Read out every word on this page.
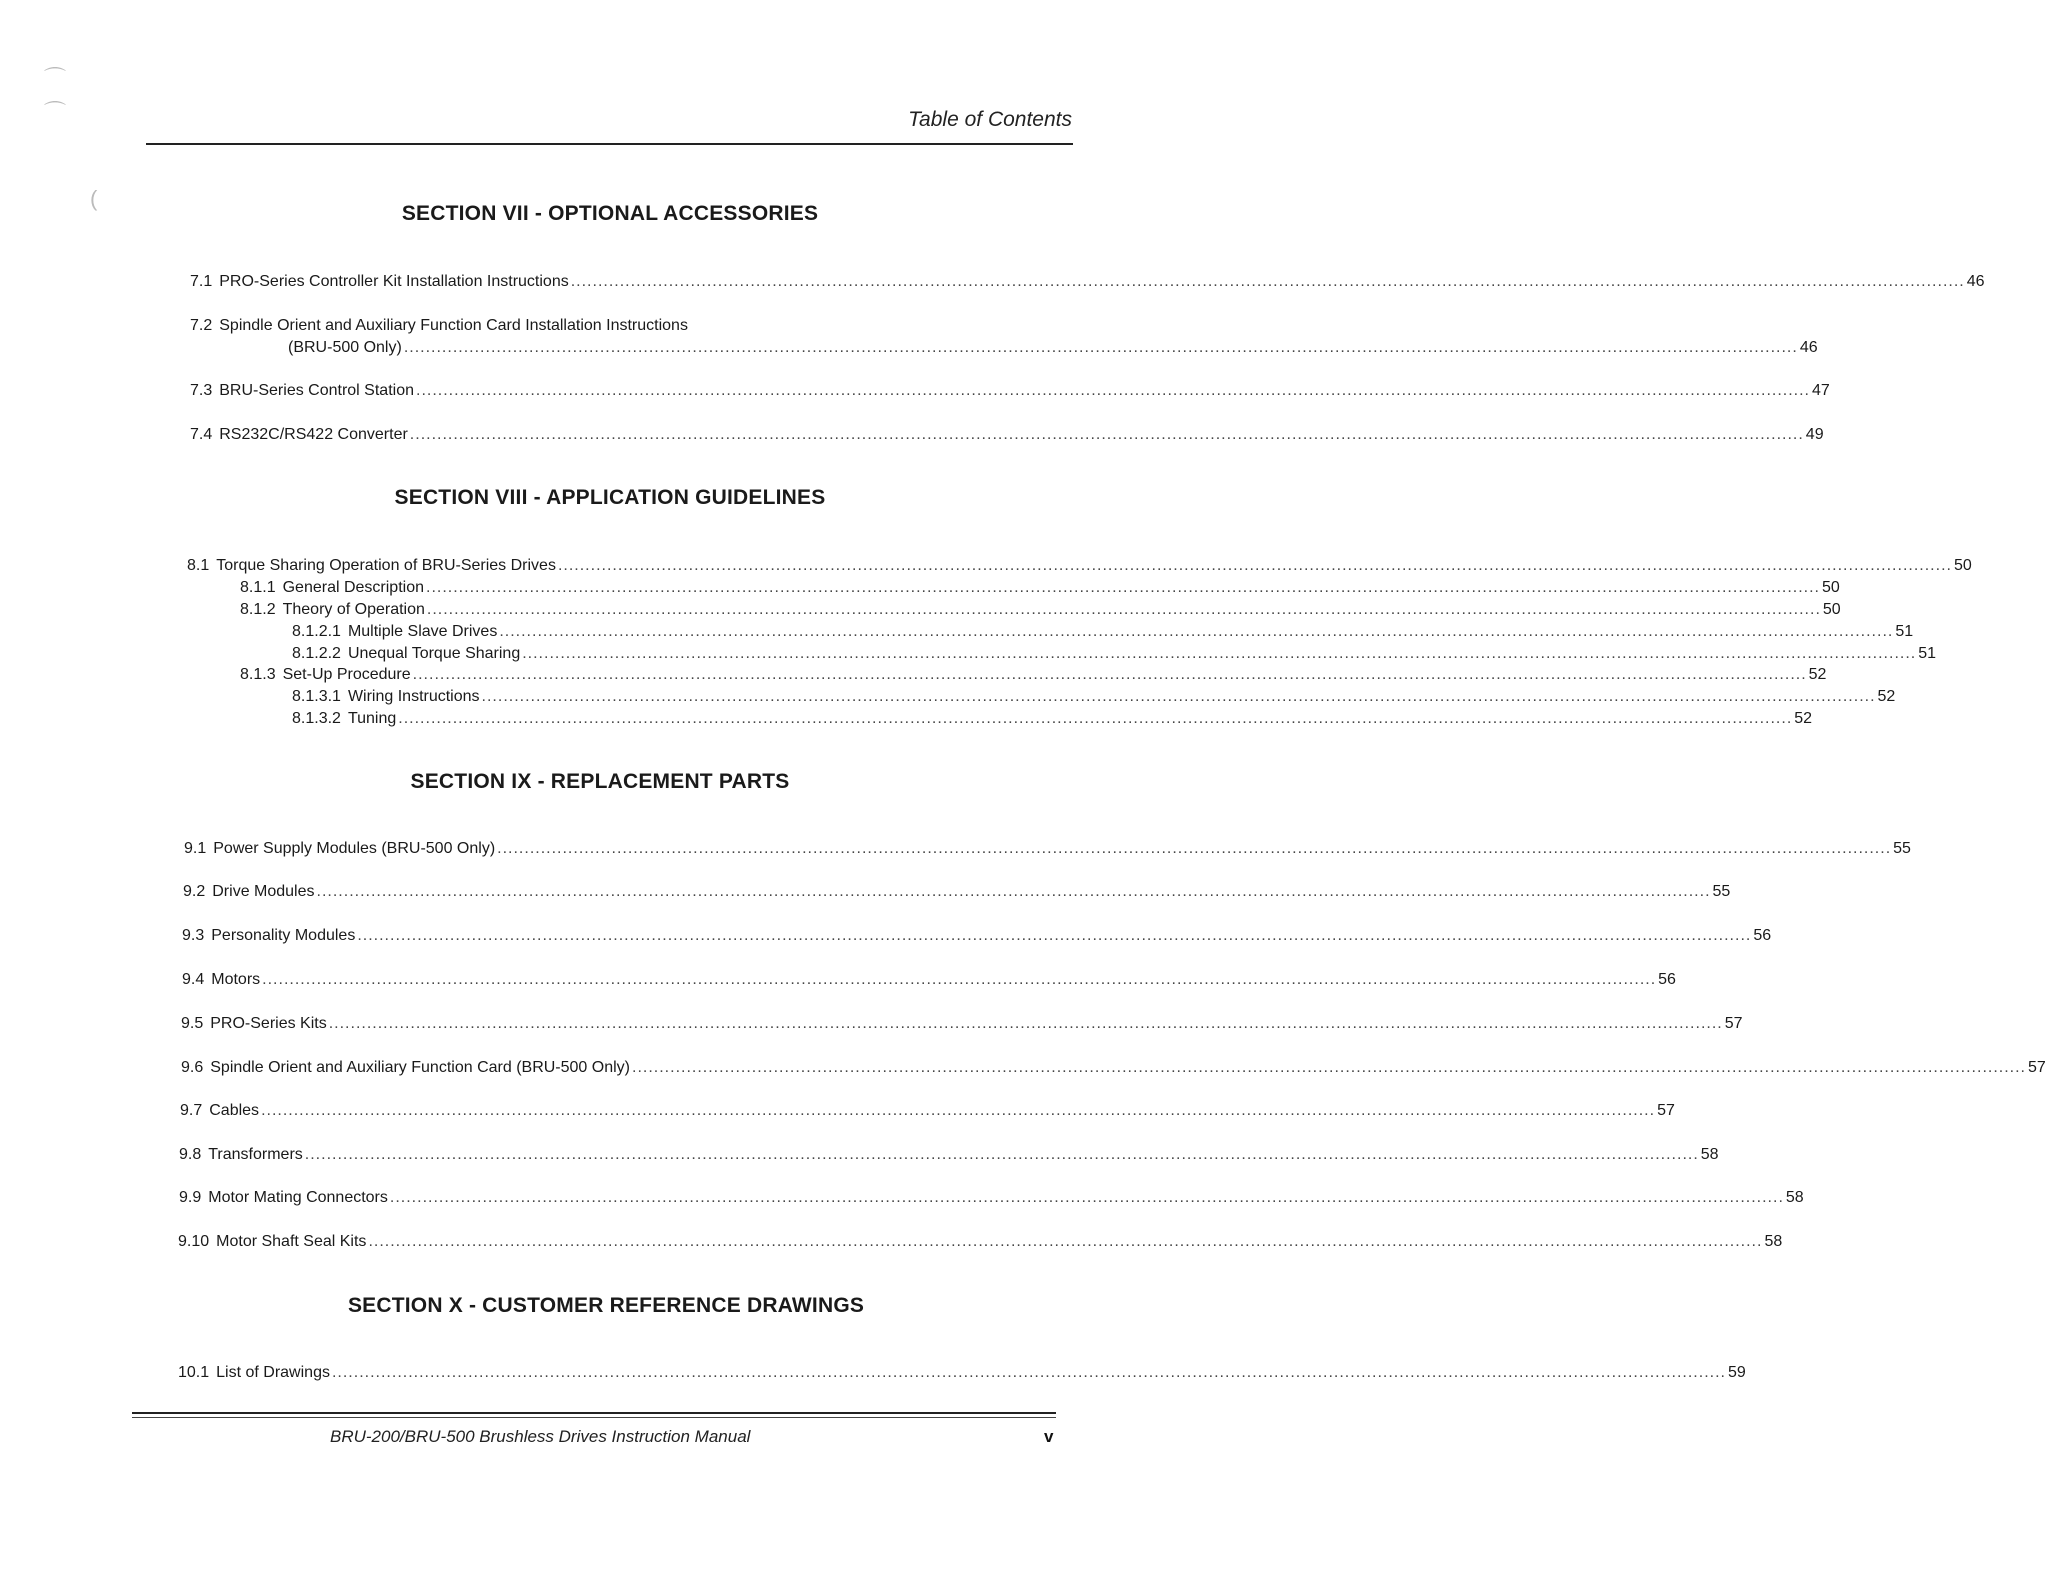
⌒
⌒
(
Table of Contents
SECTION VII - OPTIONAL ACCESSORIES
7.1 PRO-Series Controller Kit Installation Instructions ................................................................................................................................................................................................................................................................ 46
7.2 Spindle Orient and Auxiliary Function Card Installation Instructions
(BRU-500 Only) ................................................................................................................................................................................................................................................................ 46
7.3 BRU-Series Control Station ................................................................................................................................................................................................................................................................ 47
7.4 RS232C/RS422 Converter ................................................................................................................................................................................................................................................................ 49
SECTION VIII - APPLICATION GUIDELINES
8.1 Torque Sharing Operation of BRU-Series Drives ................................................................................................................................................................................................................................................................ 50
8.1.1 General Description ................................................................................................................................................................................................................................................................ 50
8.1.2 Theory of Operation ................................................................................................................................................................................................................................................................ 50
8.1.2.1 Multiple Slave Drives ................................................................................................................................................................................................................................................................ 51
8.1.2.2 Unequal Torque Sharing ................................................................................................................................................................................................................................................................ 51
8.1.3 Set-Up Procedure ................................................................................................................................................................................................................................................................ 52
8.1.3.1 Wiring Instructions ................................................................................................................................................................................................................................................................ 52
8.1.3.2 Tuning ................................................................................................................................................................................................................................................................ 52
SECTION IX - REPLACEMENT PARTS
9.1 Power Supply Modules (BRU-500 Only) ................................................................................................................................................................................................................................................................ 55
9.2 Drive Modules ................................................................................................................................................................................................................................................................ 55
9.3 Personality Modules ................................................................................................................................................................................................................................................................ 56
9.4 Motors ................................................................................................................................................................................................................................................................ 56
9.5 PRO-Series Kits ................................................................................................................................................................................................................................................................ 57
9.6 Spindle Orient and Auxiliary Function Card (BRU-500 Only) ................................................................................................................................................................................................................................................................ 57
9.7 Cables ................................................................................................................................................................................................................................................................ 57
9.8 Transformers ................................................................................................................................................................................................................................................................ 58
9.9 Motor Mating Connectors ................................................................................................................................................................................................................................................................ 58
9.10 Motor Shaft Seal Kits ................................................................................................................................................................................................................................................................ 58
SECTION X - CUSTOMER REFERENCE DRAWINGS
10.1 List of Drawings ................................................................................................................................................................................................................................................................ 59
BRU-200/BRU-500 Brushless Drives Instruction Manual	v
